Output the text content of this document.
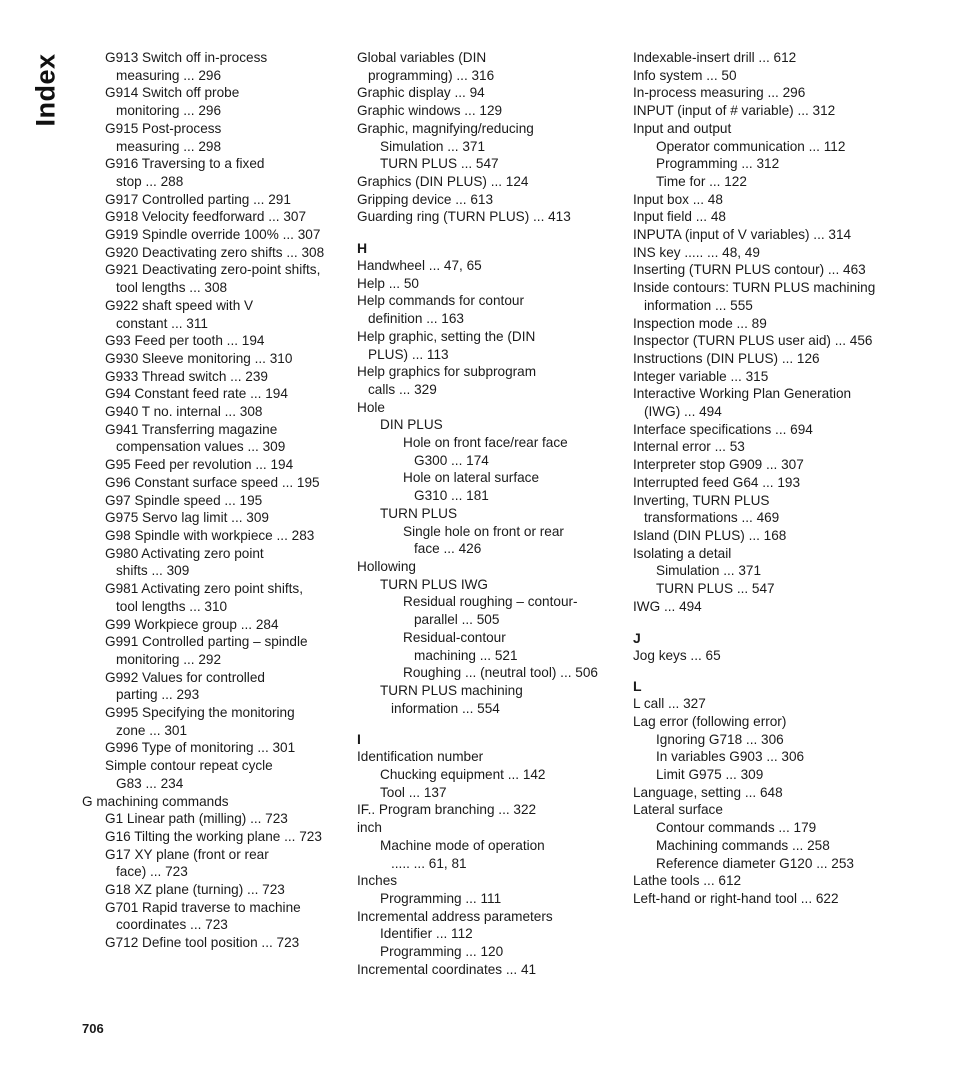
Index	G913 Switch off in-process
measuring ... 296
G914 Switch off probe
monitoring ... 296
G915 Post-process
measuring ... 298
G916 Traversing to a fixed
stop ... 288
G917 Controlled parting ... 291
G918 Velocity feedforward ... 307
G919 Spindle override 100% ... 307
G920 Deactivating zero shifts ... 308
G921 Deactivating zero-point shifts,
tool lengths ... 308
G922 shaft speed with V
constant ... 311
G93 Feed per tooth ... 194
G930 Sleeve monitoring ... 310
G933 Thread switch ... 239
G94 Constant feed rate ... 194
G940 T no. internal ... 308
G941 Transferring magazine
compensation values ... 309
G95 Feed per revolution ... 194
G96 Constant surface speed ... 195
G97 Spindle speed ... 195
G975 Servo lag limit ... 309
G98 Spindle with workpiece ... 283
G980 Activating zero point
shifts ... 309
G981 Activating zero point shifts,
tool lengths ... 310
G99 Workpiece group ... 284
G991 Controlled parting – spindle
monitoring ... 292
G992 Values for controlled
parting ... 293
G995 Specifying the monitoring
zone ... 301
G996 Type of monitoring ... 301
Simple contour repeat cycle
G83 ... 234
G machining commands
G1 Linear path (milling) ... 723
G16 Tilting the working plane ... 723
G17 XY plane (front or rear
face) ... 723
G18 XZ plane (turning) ... 723
G701 Rapid traverse to machine
coordinates ... 723
G712 Define tool position ... 723
Global variables (DIN
programming) ... 316
Graphic display ... 94
Graphic windows ... 129
Graphic, magnifying/reducing
Simulation ... 371
TURN PLUS ... 547
Graphics (DIN PLUS) ... 124
Gripping device ... 613
Guarding ring (TURN PLUS) ... 413
H
Handwheel ... 47, 65
Help ... 50
Help commands for contour
definition ... 163
Help graphic, setting the (DIN
PLUS) ... 113
Help graphics for subprogram
calls ... 329
Hole
DIN PLUS
Hole on front face/rear face
G300 ... 174
Hole on lateral surface
G310 ... 181
TURN PLUS
Single hole on front or rear
face ... 426
Hollowing
TURN PLUS IWG
Residual roughing – contour-
parallel ... 505
Residual-contour
machining ... 521
Roughing ... (neutral tool) ... 506
TURN PLUS machining
information ... 554
I
Identification number
Chucking equipment ... 142
Tool ... 137
IF.. Program branching ... 322
inch
Machine mode of operation
..... ... 61, 81
Inches
Programming ... 111
Incremental address parameters
Identifier ... 112
Programming ... 120
Incremental coordinates ... 41
Indexable-insert drill ... 612
Info system ... 50
In-process measuring ... 296
INPUT (input of # variable) ... 312
Input and output
Operator communication ... 112
Programming ... 312
Time for ... 122
Input box ... 48
Input field ... 48
INPUTA (input of V variables) ... 314
INS key ..... ... 48, 49
Inserting (TURN PLUS contour) ... 463
Inside contours: TURN PLUS machining
information ... 555
Inspection mode ... 89
Inspector (TURN PLUS user aid) ... 456
Instructions (DIN PLUS) ... 126
Integer variable ... 315
Interactive Working Plan Generation
(IWG) ... 494
Interface specifications ... 694
Internal error ... 53
Interpreter stop G909 ... 307
Interrupted feed G64 ... 193
Inverting, TURN PLUS
transformations ... 469
Island (DIN PLUS) ... 168
Isolating a detail
Simulation ... 371
TURN PLUS ... 547
IWG ... 494
J
Jog keys ... 65
L
L call ... 327
Lag error (following error)
Ignoring G718 ... 306
In variables G903 ... 306
Limit G975 ... 309
Language, setting ... 648
Lateral surface
Contour commands ... 179
Machining commands ... 258
Reference diameter G120 ... 253
Lathe tools ... 612
Left-hand or right-hand tool ... 622
706
